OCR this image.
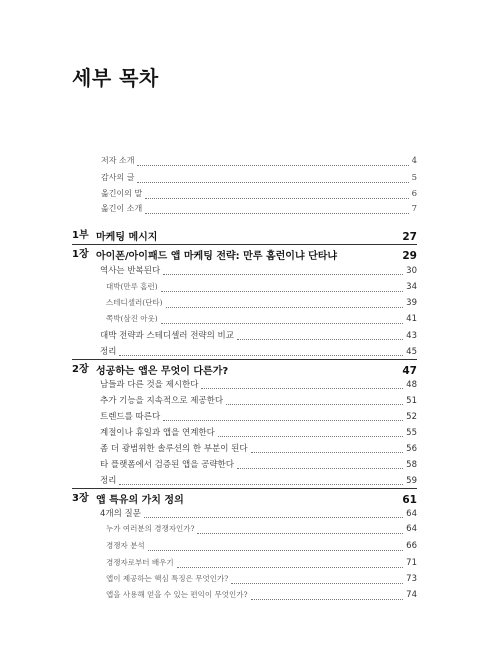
세부 목차
저자 소개	4
감사의 글	5
옮긴이의 말	6
옮긴이 소개	7
1부 마케팅 메시지	27
1장 아이폰/아이패드 앱 마케팅 전략: 만루 홈런이냐 단타냐	29
역사는 반복된다	30
대박(만루 홈런)	34
스테디셀러(단타)	39
쪽박(삼진 아웃)	41
대박 전략과 스테디셀러 전략의 비교	43
정리	45
2장 성공하는 앱은 무엇이 다른가?	47
남들과 다른 것을 제시한다	48
추가 기능을 지속적으로 제공한다	51
트렌드를 따른다	52
계절이나 휴일과 앱을 연계한다	55
좀 더 광범위한 솔루션의 한 부분이 된다	56
타 플랫폼에서 검증된 앱을 공략한다	58
정리	59
3장 앱 특유의 가치 정의	61
4개의 질문	64
누가 여러분의 경쟁자인가?	64
경쟁자 분석	66
경쟁자로부터 배우기	71
앱이 제공하는 핵심 특징은 무엇인가?	73
앱을 사용해 얻을 수 있는 편익이 무엇인가?	74
